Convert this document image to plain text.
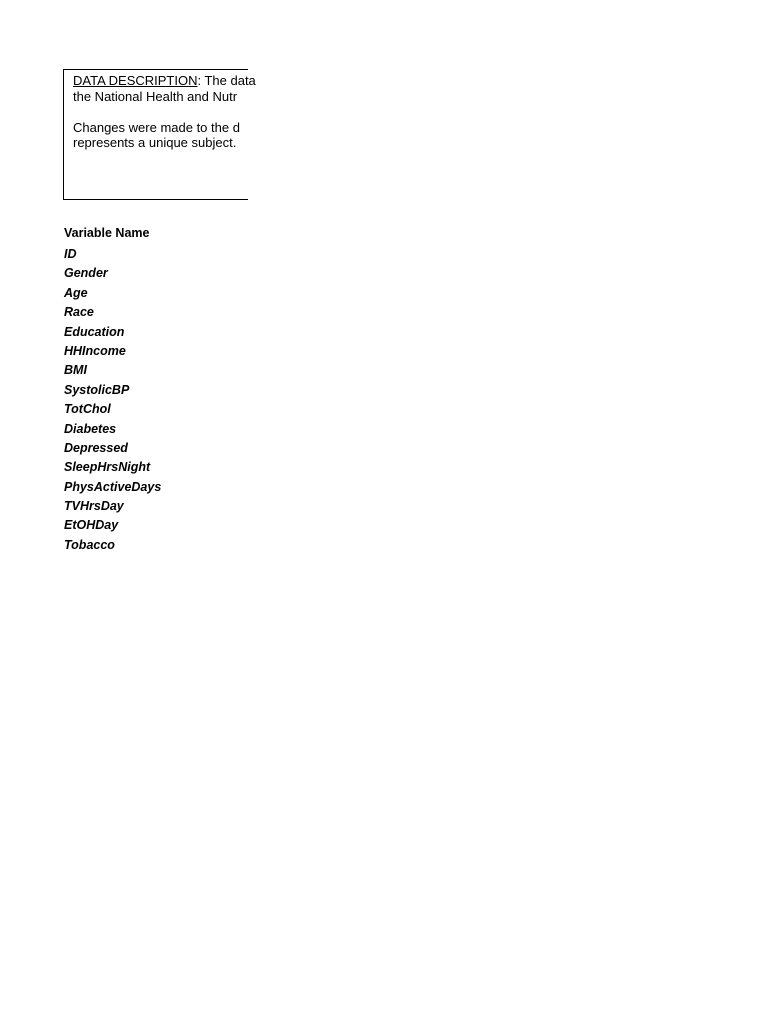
DATA DESCRIPTION: The data
the National Health and Nutr
Changes were made to the d
represents a unique subject.
Variable Name
ID
Gender
Age
Race
Education
HHIncome
BMI
SystolicBP
TotChol
Diabetes
Depressed
SleepHrsNight
PhysActiveDays
TVHrsDay
EtOHDay
Tobacco
